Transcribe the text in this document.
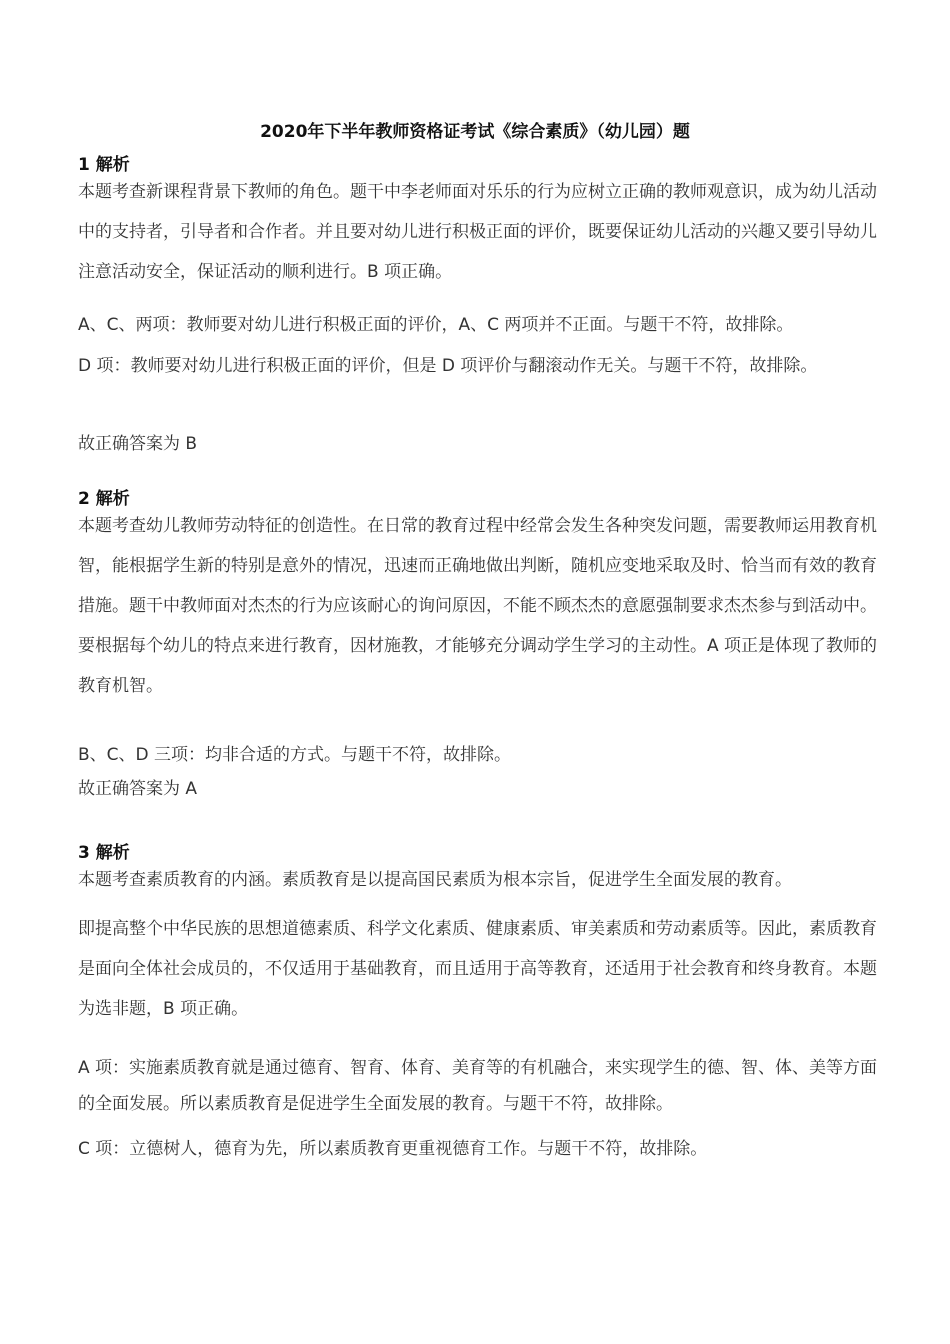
2020年下半年教师资格证考试《综合素质》（幼儿园）题
1 解析

本题考查新课程背景下教师的角色。题干中李老师面对乐乐的行为应树立正确的教师观意识，成为幼儿活动中的支持者，引导者和合作者。并且要对幼儿进行积极正面的评价，既要保证幼儿活动的兴趣又要引导幼儿注意活动安全，保证活动的顺利进行。B 项正确。

A、C、两项：教师要对幼儿进行积极正面的评价，A、C 两项并不正面。与题干不符，故排除。

D 项：教师要对幼儿进行积极正面的评价，但是 D 项评价与翻滚动作无关。与题干不符，故排除。

故正确答案为 B

2 解析

本题考查幼儿教师劳动特征的创造性。在日常的教育过程中经常会发生各种突发问题，需要教师运用教育机智，能根据学生新的特别是意外的情况，迅速而正确地做出判断，随机应变地采取及时、恰当而有效的教育措施。题干中教师面对杰杰的行为应该耐心的询问原因，不能不顾杰杰的意愿强制要求杰杰参与到活动中。要根据每个幼儿的特点来进行教育，因材施教，才能够充分调动学生学习的主动性。A 项正是体现了教师的教育机智。

B、C、D 三项：均非合适的方式。与题干不符，故排除。

故正确答案为 A

3 解析

本题考查素质教育的内涵。素质教育是以提高国民素质为根本宗旨，促进学生全面发展的教育。

即提高整个中华民族的思想道德素质、科学文化素质、健康素质、审美素质和劳动素质等。因此，素质教育是面向全体社会成员的，不仅适用于基础教育，而且适用于高等教育，还适用于社会教育和终身教育。本题为选非题，B 项正确。

A 项：实施素质教育就是通过德育、智育、体育、美育等的有机融合，来实现学生的德、智、体、美等方面的全面发展。所以素质教育是促进学生全面发展的教育。与题干不符，故排除。

C 项：立德树人，德育为先，所以素质教育更重视德育工作。与题干不符，故排除。
